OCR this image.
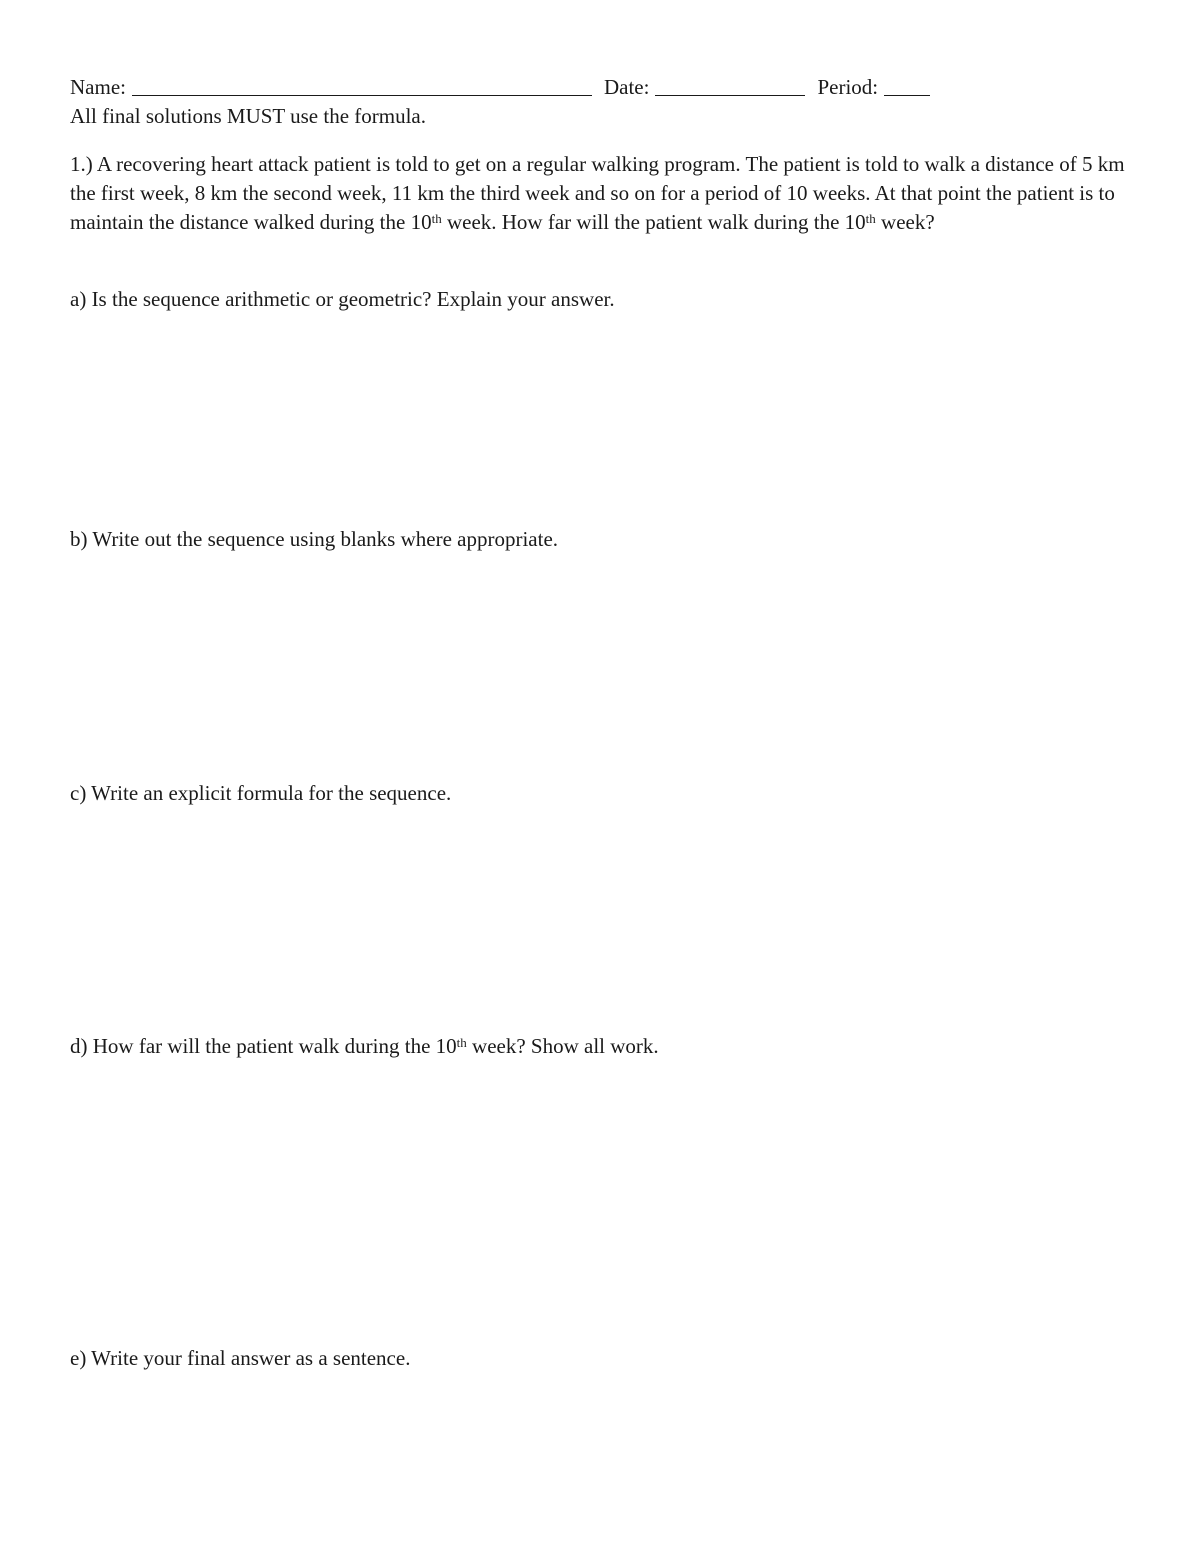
Name:	Date:	Period:
All final solutions MUST use the formula.
1.) A recovering heart attack patient is told to get on a regular walking program. The patient is told to walk a distance of 5 km the first week, 8 km the second week, 11 km the third week and so on for a period of 10 weeks. At that point the patient is to maintain the distance walked during the 10th week. How far will the patient walk during the 10th week?
a) Is the sequence arithmetic or geometric? Explain your answer.
b) Write out the sequence using blanks where appropriate.
c) Write an explicit formula for the sequence.
d) How far will the patient walk during the 10th week? Show all work.
e) Write your final answer as a sentence.
